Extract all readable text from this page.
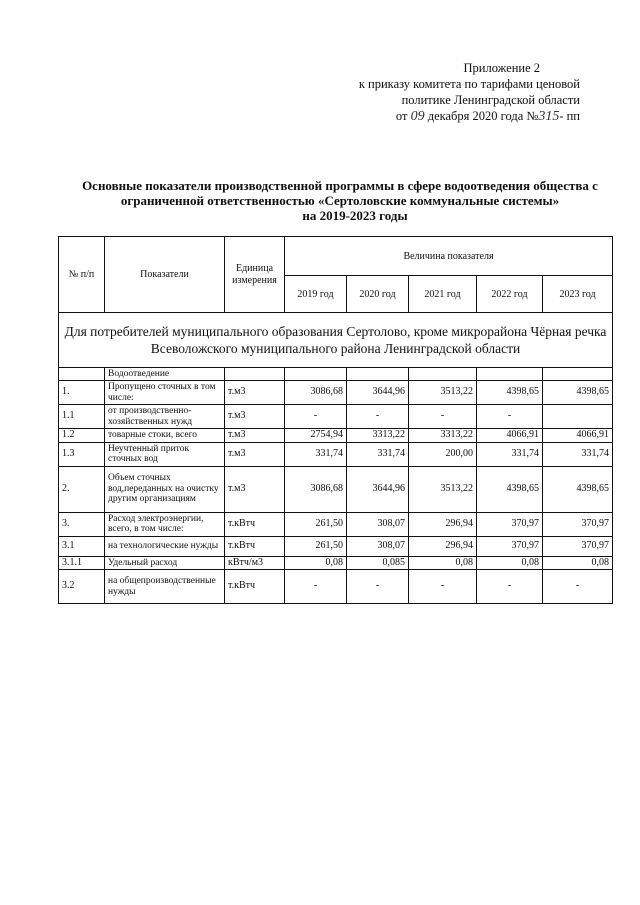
Приложение 2
к приказу комитета по тарифами ценовой
политике Ленинградской области
от 09 декабря 2020 года №315- пп
Основные показатели производственной программы в сфере водоотведения общества с
ограниченной ответственностью «Сертоловские коммунальные системы»
на 2019-2023 годы
№ п/п	Показатели	Единица измерения	Величина показателя				
			2019 год	2020 год	2021 год	2022 год	2023 год
Для потребителей муниципального образования Сертолово, кроме микрорайона Чёрная речка Всеволожского муниципального района Ленинградской области							
	Водоотведение						
1.	Пропущено сточных в том числе:	т.м3	3086,68	3644,96	3513,22	4398,65	4398,65
1.1	от производственно-хозяйственных нужд	т.м3	-	-	-	-	
1.2	товарные стоки, всего	т.м3	2754,94	3313,22	3313,22	4066,91	4066,91
1.3	Неучтенный приток сточных вод	т.м3	331,74	331,74	200,00	331,74	331,74
2.	Объем сточных вод,переданных на очистку другим организациям	т.м3	3086,68	3644,96	3513,22	4398,65	4398,65
3.	Расход электроэнергии, всего, в том числе:	т.кВтч	261,50	308,07	296,94	370,97	370,97
3.1	на технологические нужды	т.кВтч	261,50	308,07	296,94	370,97	370,97
3.1.1	Удельный расход	кВтч/м3	0,08	0,085	0,08	0,08	0,08
3.2	на общепроизводственные нужды	т.кВтч	-	-	-	-	-
